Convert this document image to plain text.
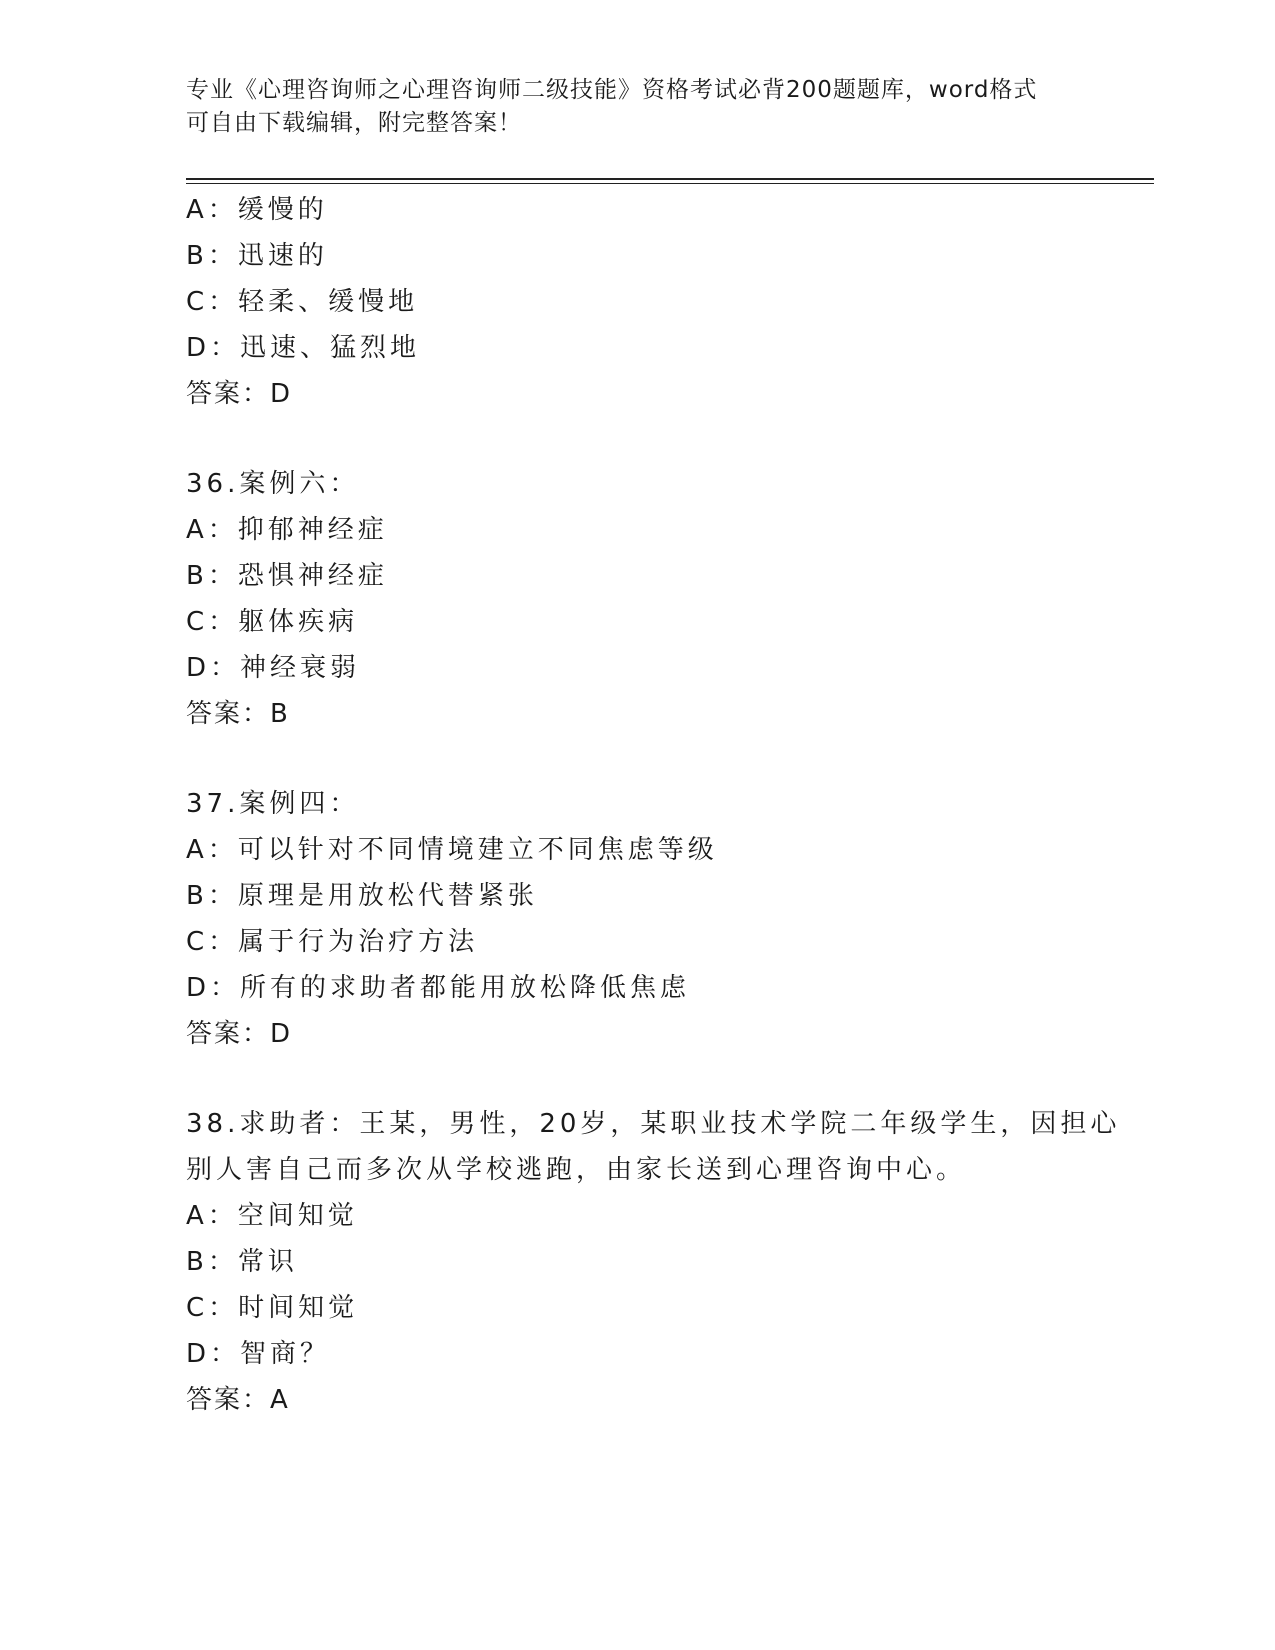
专业《心理咨询师之心理咨询师二级技能》资格考试必背200题题库，word格式
可自由下载编辑，附完整答案！
A：缓慢的
B：迅速的
C：轻柔、缓慢地
D：迅速、猛烈地
答案：D
36.案例六：
A：抑郁神经症
B：恐惧神经症
C：躯体疾病
D：神经衰弱
答案：B
37.案例四：
A：可以针对不同情境建立不同焦虑等级
B：原理是用放松代替紧张
C：属于行为治疗方法
D：所有的求助者都能用放松降低焦虑
答案：D
38.求助者：王某，男性，20岁，某职业技术学院二年级学生，因担心
别人害自己而多次从学校逃跑，由家长送到心理咨询中心。
A：空间知觉
B：常识
C：时间知觉
D：智商？
答案：A
